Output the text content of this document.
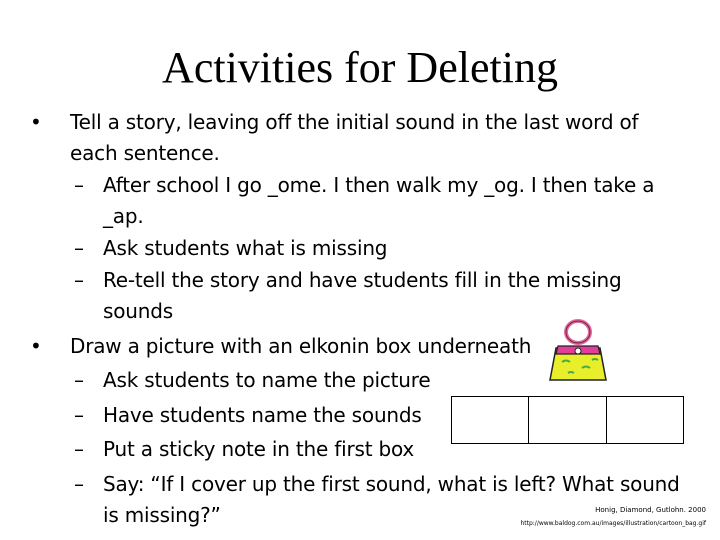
Activities for Deleting
• Tell a story, leaving off the initial sound in the last word of
each sentence.
– After school I go _ome. I then walk my _og. I then take a
_ap.
– Ask students what is missing
– Re-tell the story and have students fill in the missing
sounds
• Draw a picture with an elkonin box underneath
– Ask students to name the picture
– Have students name the sounds
– Put a sticky note in the first box
– Say: “If I cover up the first sound, what is left? What sound
is missing?”	Honig, Diamond, Gutlohn. 2000
http://www.baldog.com.au/images/illustration/cartoon_bag.gif
